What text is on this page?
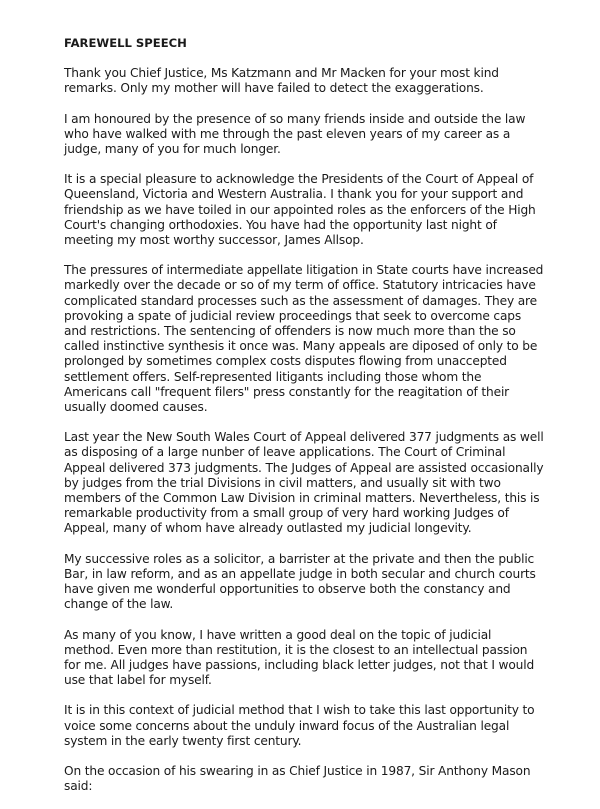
FAREWELL SPEECH

Thank you Chief Justice, Ms Katzmann and Mr Macken for your most kind remarks. Only my mother will have failed to detect the exaggerations.

I am honoured by the presence of so many friends inside and outside the law who have walked with me through the past eleven years of my career as a judge, many of you for much longer.

It is a special pleasure to acknowledge the Presidents of the Court of Appeal of Queensland, Victoria and Western Australia. I thank you for your support and friendship as we have toiled in our appointed roles as the enforcers of the High Court's changing orthodoxies. You have had the opportunity last night of meeting my most worthy successor, James Allsop.

The pressures of intermediate appellate litigation in State courts have increased markedly over the decade or so of my term of office. Statutory intricacies have complicated standard processes such as the assessment of damages. They are provoking a spate of judicial review proceedings that seek to overcome caps and restrictions. The sentencing of offenders is now much more than the so called instinctive synthesis it once was. Many appeals are diposed of only to be prolonged by sometimes complex costs disputes flowing from unaccepted settlement offers. Self-represented litigants including those whom the Americans call "frequent filers" press constantly for the reagitation of their usually doomed causes.

Last year the New South Wales Court of Appeal delivered 377 judgments as well as disposing of a large nunber of leave applications. The Court of Criminal Appeal delivered 373 judgments. The Judges of Appeal are assisted occasionally by judges from the trial Divisions in civil matters, and usually sit with two members of the Common Law Division in criminal matters. Nevertheless, this is remarkable productivity from a small group of very hard working Judges of Appeal, many of whom have already outlasted my judicial longevity.

My successive roles as a solicitor, a barrister at the private and then the public Bar, in law reform, and as an appellate judge in both secular and church courts have given me wonderful opportunities to observe both the constancy and change of the law.

As many of you know, I have written a good deal on the topic of judicial method. Even more than restitution, it is the closest to an intellectual passion for me. All judges have passions, including black letter judges, not that I would use that label for myself.

It is in this context of judicial method that I wish to take this last opportunity to voice some concerns about the unduly inward focus of the Australian legal system in the early twenty first century.

On the occasion of his swearing in as Chief Justice in 1987, Sir Anthony Mason said:
